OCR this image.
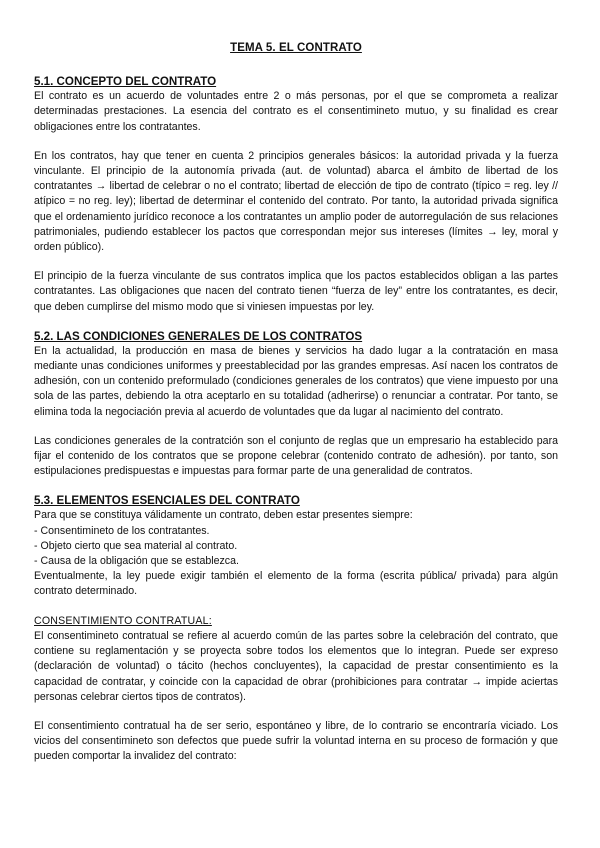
TEMA 5. EL CONTRATO
5.1. CONCEPTO DEL CONTRATO

El contrato es un acuerdo de voluntades entre 2 o más personas, por el que se comprometa a realizar determinadas prestaciones. La esencia del contrato es el consentimineto mutuo, y su finalidad es crear obligaciones entre los contratantes.

En los contratos, hay que tener en cuenta 2 principios generales básicos: la autoridad privada y la fuerza vinculante. El principio de la autonomía privada (aut. de voluntad) abarca el ámbito de libertad de los contratantes → libertad de celebrar o no el contrato; libertad de elección de tipo de contrato (típico = reg. ley // atípico = no reg. ley); libertad de determinar el contenido del contrato. Por tanto, la autoridad privada significa que el ordenamiento jurídico reconoce a los contratantes un amplio poder de autorregulación de sus relaciones patrimoniales, pudiendo establecer los pactos que correspondan mejor sus intereses (límites → ley, moral y orden público).

El principio de la fuerza vinculante de sus contratos implica que los pactos establecidos obligan a las partes contratantes. Las obligaciones que nacen del contrato tienen “fuerza de ley” entre los contratantes, es decir, que deben cumplirse del mismo modo que si viniesen impuestas por ley.

5.2. LAS CONDICIONES GENERALES DE LOS CONTRATOS

En la actualidad, la producción en masa de bienes y servicios ha dado lugar a la contratación en masa mediante unas condiciones uniformes y preestablecidad por las grandes empresas. Así nacen los contratos de adhesión, con un contenido preformulado (condiciones generales de los contratos) que viene impuesto por una sola de las partes, debiendo la otra aceptarlo en su totalidad (adherirse) o renunciar a contratar. Por tanto, se elimina toda la negociación previa al acuerdo de voluntades que da lugar al nacimiento del contrato.

Las condiciones generales de la contratción son el conjunto de reglas que un empresario ha establecido para fijar el contenido de los contratos que se propone celebrar (contenido contrato de adhesión). por tanto, son estipulaciones predispuestas e impuestas para formar parte de una generalidad de contratos.

5.3. ELEMENTOS ESENCIALES DEL CONTRATO

Para que se constituya válidamente un contrato, deben estar presentes siempre:

- Consentimineto de los contratantes.

- Objeto cierto que sea material al contrato.

- Causa de la obligación que se establezca.

Eventualmente, la ley puede exigir también el elemento de la forma (escrita pública/ privada) para algún contrato determinado.

CONSENTIMIENTO CONTRATUAL:

El consentimineto contratual se refiere al acuerdo común de las partes sobre la celebración del contrato, que contiene su reglamentación y se proyecta sobre todos los elementos que lo integran. Puede ser expreso (declaración de voluntad) o tácito (hechos concluyentes), la capacidad de prestar consentimiento es la capacidad de contratar, y coincide con la capacidad de obrar (prohibiciones para contratar → impide aciertas personas celebrar ciertos tipos de contratos).

El consentimiento contratual ha de ser serio, espontáneo y libre, de lo contrario se encontraría viciado. Los vicios del consentimineto son defectos que puede sufrir la voluntad interna en su proceso de formación y que pueden comportar la invalidez del contrato:
